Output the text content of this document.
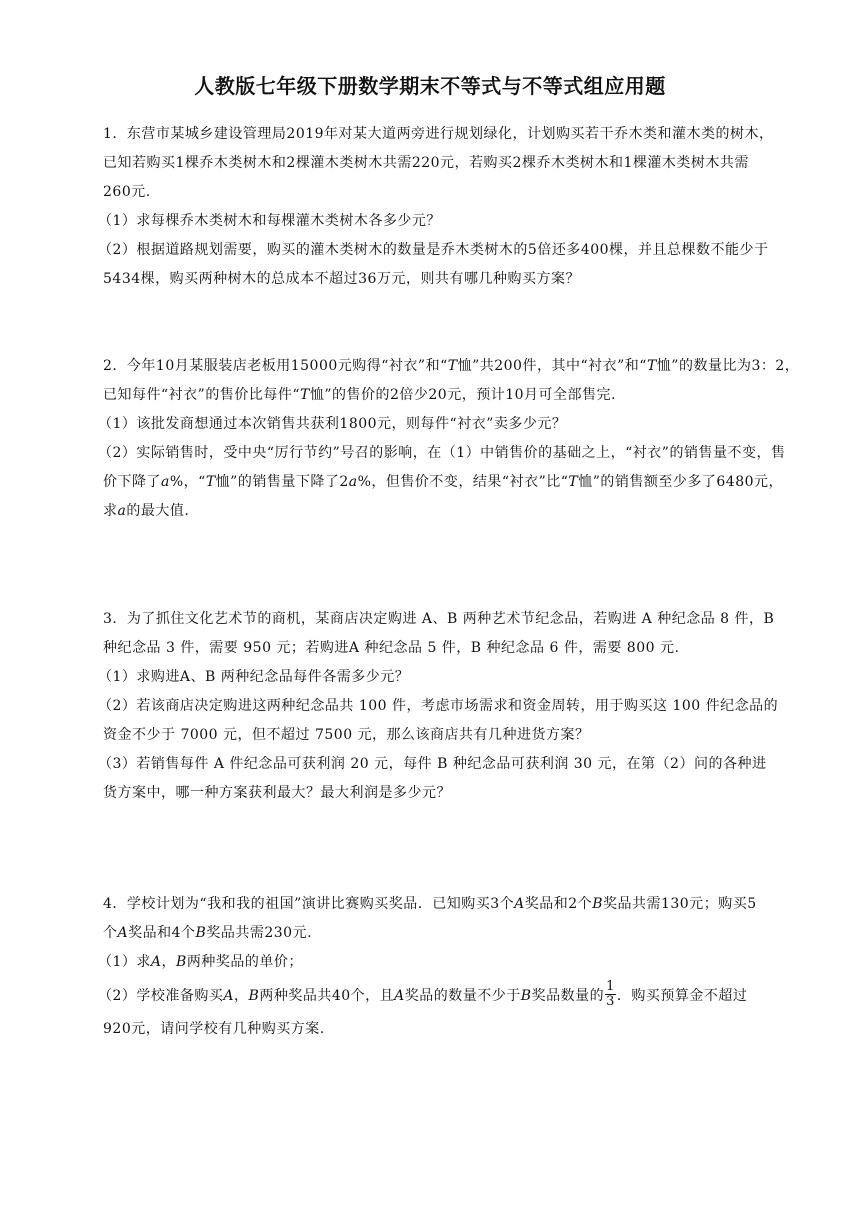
人教版七年级下册数学期末不等式与不等式组应用题
1．东营市某城乡建设管理局2019年对某大道两旁进行规划绿化，计划购买若干乔木类和灌木类的树木，
已知若购买1棵乔木类树木和2棵灌木类树木共需220元，若购买2棵乔木类树木和1棵灌木类树木共需
260元.
（1）求每棵乔木类树木和每棵灌木类树木各多少元？
（2）根据道路规划需要，购买的灌木类树木的数量是乔木类树木的5倍还多400棵，并且总棵数不能少于
5434棵，购买两种树木的总成本不超过36万元，则共有哪几种购买方案？
2．今年10月某服装店老板用15000元购得“衬衣”和“T恤”共200件，其中“衬衣”和“T恤”的数量比为3：2，
已知每件“衬衣”的售价比每件“T恤”的售价的2倍少20元，预计10月可全部售完.
（1）该批发商想通过本次销售共获利1800元，则每件“衬衣”卖多少元？
（2）实际销售时，受中央“厉行节约”号召的影响，在（1）中销售价的基础之上，“衬衣”的销售量不变，售
价下降了a%，“T恤”的销售量下降了2a%，但售价不变，结果“衬衣”比“T恤”的销售额至少多了6480元，
求a的最大值.
3．为了抓住文化艺术节的商机，某商店决定购进 A、B 两种艺术节纪念品，若购进 A 种纪念品 8 件，B
种纪念品 3 件，需要 950 元；若购进A 种纪念品 5 件，B 种纪念品 6 件，需要 800 元.
（1）求购进A、B 两种纪念品每件各需多少元？
（2）若该商店决定购进这两种纪念品共 100 件，考虑市场需求和资金周转，用于购买这 100 件纪念品的
资金不少于 7000 元，但不超过 7500 元，那么该商店共有几种进货方案？
（3）若销售每件 A 件纪念品可获利润 20 元，每件 B 种纪念品可获利润 30 元，在第（2）问的各种进
货方案中，哪一种方案获利最大？最大利润是多少元？
4．学校计划为“我和我的祖国”演讲比赛购买奖品．已知购买3个A奖品和2个B奖品共需130元；购买5
个A奖品和4个B奖品共需230元.
（1）求A，B两种奖品的单价；
（2）学校准备购买A，B两种奖品共40个，且A奖品的数量不少于B奖品数量的 $\frac{1}{3}$ ．购买预算金不超过
920元，请问学校有几种购买方案.
